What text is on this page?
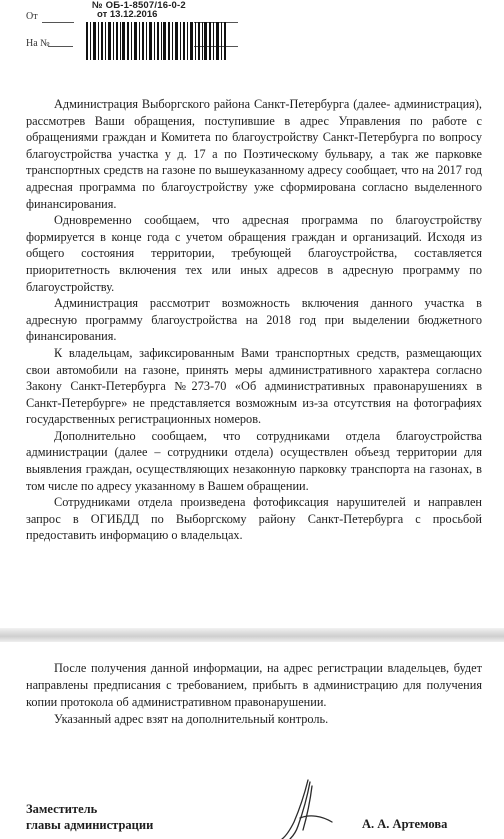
От
На №
№ ОБ-1-8507/16-0-2
от 13.12.2016

Администрация Выборгского района Санкт-Петербурга (далее- администрация), рассмотрев Ваши обращения, поступившие в адрес Управления по работе с обращениями граждан и Комитета по благоустройству Санкт-Петербурга по вопросу благоустройства участка у д. 17 а по Поэтическому бульвару, а так же парковке транспортных средств на газоне по вышеуказанному адресу сообщает, что на 2017 год адресная программа по благоустройству уже сформирована согласно выделенного финансирования.

Одновременно сообщаем, что адресная программа по благоустройству формируется в конце года с учетом обращения граждан и организаций. Исходя из общего состояния территории, требующей благоустройства, составляется приоритетность включения тех или иных адресов в адресную программу по благоустройству.

Администрация рассмотрит возможность включения данного участка в адресную программу благоустройства на 2018 год при выделении бюджетного финансирования.

К владельцам, зафиксированным Вами транспортных средств, размещающих свои автомобили на газоне, принять меры административного характера согласно Закону Санкт-Петербурга №273-70 «Об административных правонарушениях в Санкт-Петербурге» не представляется возможным из-за отсутствия на фотографиях государственных регистрационных номеров.

Дополнительно сообщаем, что сотрудниками отдела благоустройства администрации (далее – сотрудники отдела) осуществлен объезд территории для выявления граждан, осуществляющих незаконную парковку транспорта на газонах, в том числе по адресу указанному в Вашем обращении.

Сотрудниками отдела произведена фотофиксация нарушителей и направлен запрос в ОГИБДД по Выборгскому району Санкт-Петербурга с просьбой предоставить информацию о владельцах.

После получения данной информации, на адрес регистрации владельцев, будет направлены предписания с требованием, прибыть в администрацию для получения копии протокола об административном правонарушении.

Указанный адрес взят на дополнительный контроль.

Заместитель
главы администрации	А. А. Артемова
